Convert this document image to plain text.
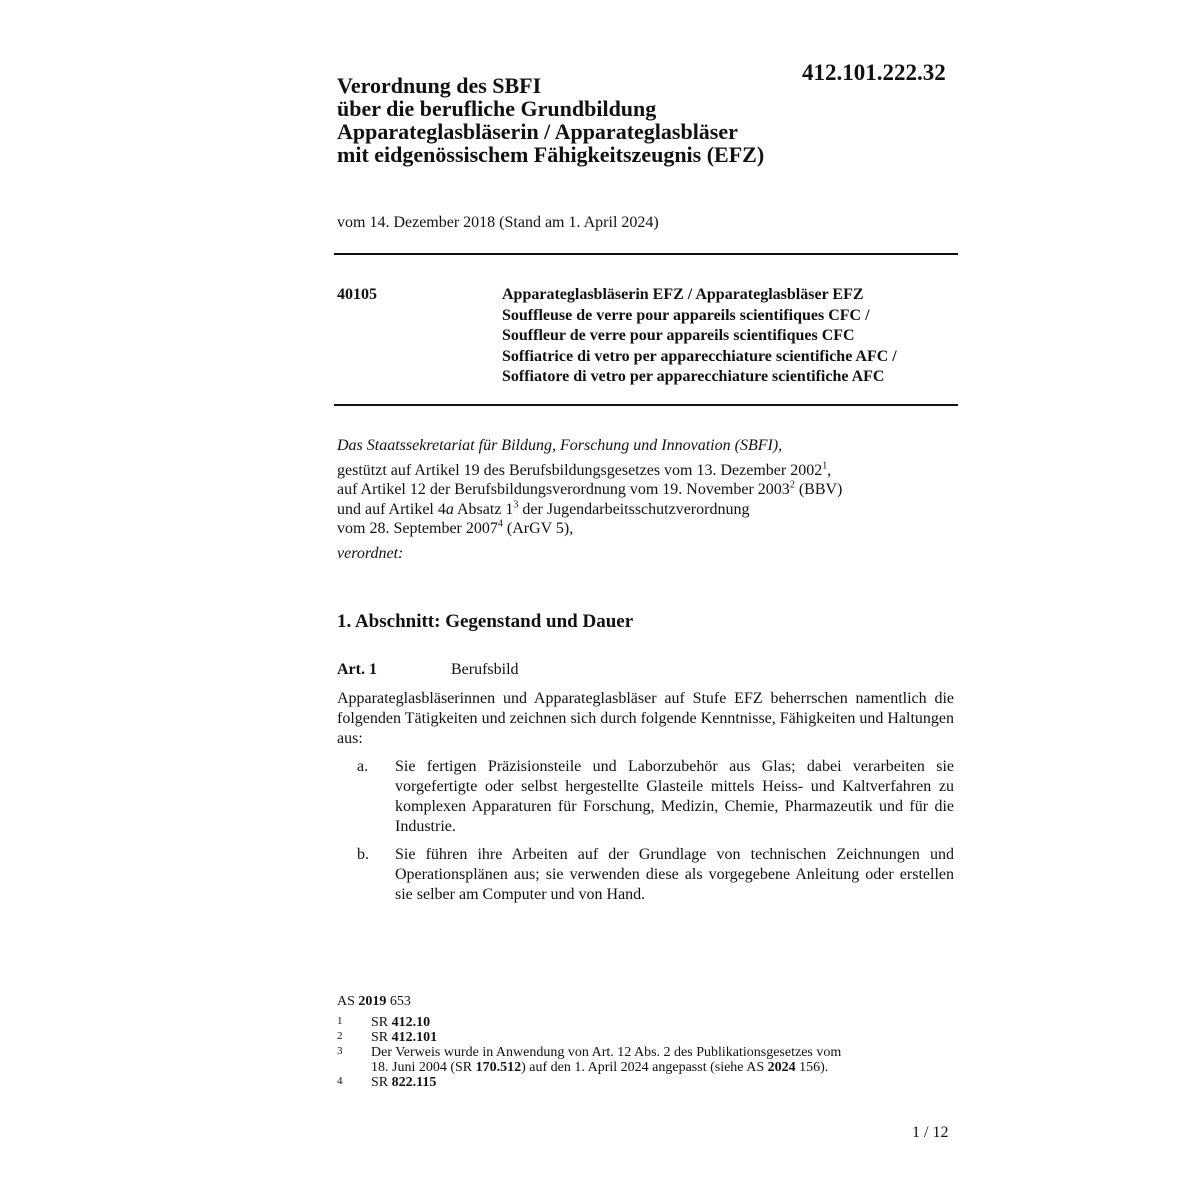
412.101.222.32
Verordnung des SBFI
über die berufliche Grundbildung
Apparateglasbläserin / Apparateglasbläser
mit eidgenössischem Fähigkeitszeugnis (EFZ)
vom 14. Dezember 2018 (Stand am 1. April 2024)
40105	Apparateglasbläserin EFZ / Apparateglasbläser EFZ
Souffleuse de verre pour appareils scientifiques CFC /
Souffleur de verre pour appareils scientifiques CFC
Soffiatrice di vetro per apparecchiature scientifiche AFC /
Soffiatore di vetro per apparecchiature scientifiche AFC
Das Staatssekretariat für Bildung, Forschung und Innovation (SBFI),
gestützt auf Artikel 19 des Berufsbildungsgesetzes vom 13. Dezember 2002$^1$,
auf Artikel 12 der Berufsbildungsverordnung vom 19. November 2003$^2$ (BBV)
und auf Artikel 4a Absatz $1^3$ der Jugendarbeitsschutzverordnung
vom 28. September 2007$^4$ (ArGV 5),
verordnet:
1. Abschnitt: Gegenstand und Dauer
Art. 1	Berufsbild
Apparateglasbläserinnen und Apparateglasbläser auf Stufe EFZ beherrschen namentlich die folgenden Tätigkeiten und zeichnen sich durch folgende Kenntnisse, Fähigkeiten und Haltungen aus:
a.	Sie fertigen Präzisionsteile und Laborzubehör aus Glas; dabei verarbeiten sie vorgefertigte oder selbst hergestellte Glasteile mittels Heiss- und Kaltverfahren zu komplexen Apparaturen für Forschung, Medizin, Chemie, Pharmazeutik und für die Industrie.
b.	Sie führen ihre Arbeiten auf der Grundlage von technischen Zeichnungen und Operationsplänen aus; sie verwenden diese als vorgegebene Anleitung oder erstellen sie selber am Computer und von Hand.
AS 2019 653
1	SR 412.10
2	SR 412.101
3	Der Verweis wurde in Anwendung von Art. 12 Abs. 2 des Publikationsgesetzes vom
18. Juni 2004 (SR 170.512) auf den 1. April 2024 angepasst (siehe AS 2024 156).
4	SR 822.115
1 / 12
